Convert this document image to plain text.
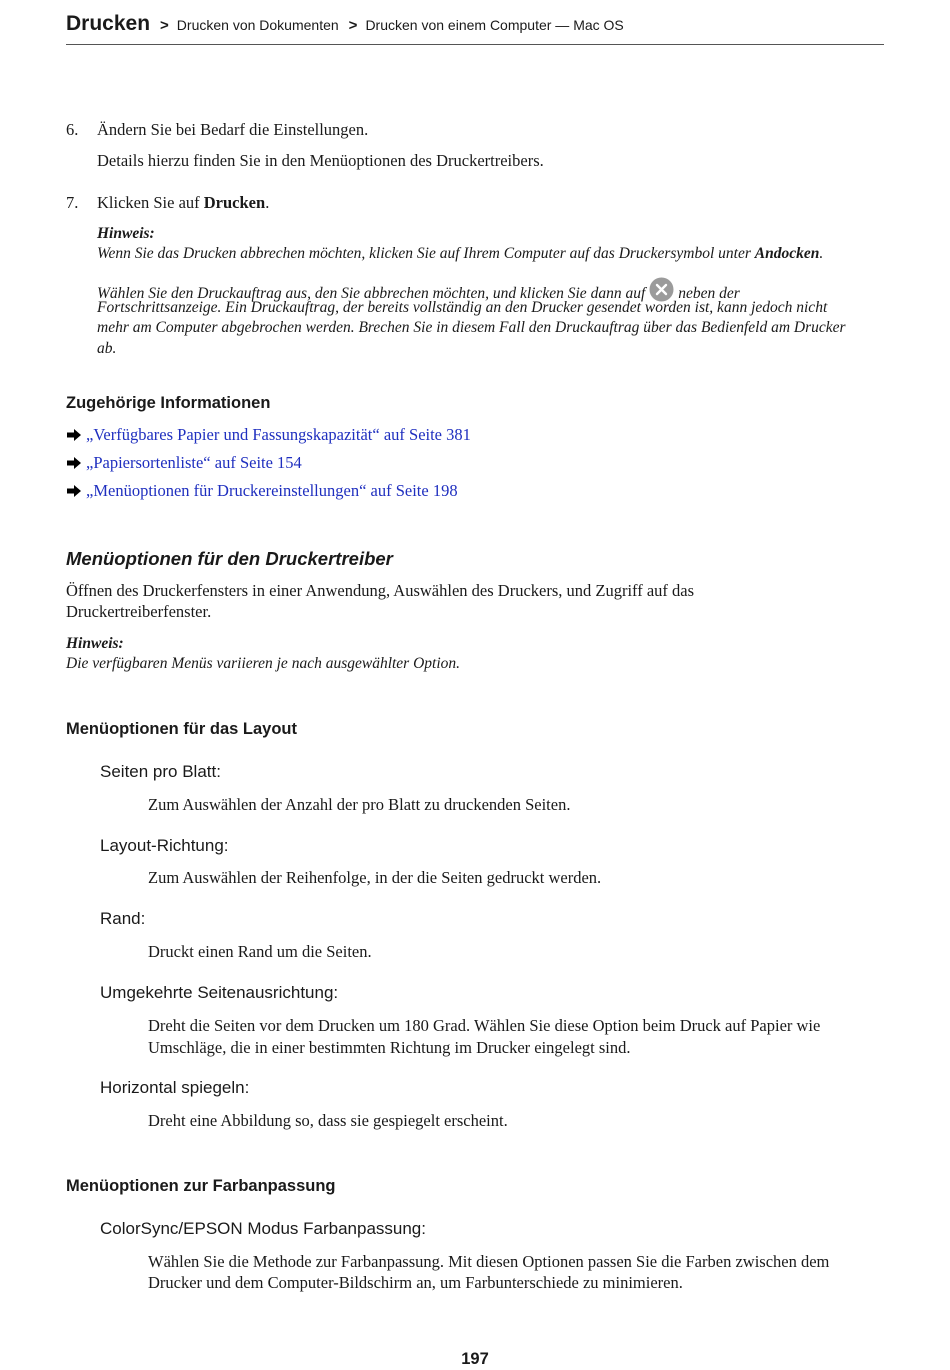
Drucken > Drucken von Dokumenten > Drucken von einem Computer — Mac OS
6. Ändern Sie bei Bedarf die Einstellungen.
Details hierzu finden Sie in den Menüoptionen des Druckertreibers.
7. Klicken Sie auf Drucken.
Hinweis:
Wenn Sie das Drucken abbrechen möchten, klicken Sie auf Ihrem Computer auf das Druckersymbol unter Andocken.
Wählen Sie den Druckauftrag aus, den Sie abbrechen möchten, und klicken Sie dann auf neben der
Fortschrittsanzeige. Ein Druckauftrag, der bereits vollständig an den Drucker gesendet worden ist, kann jedoch nicht
mehr am Computer abgebrochen werden. Brechen Sie in diesem Fall den Druckauftrag über das Bedienfeld am Drucker
ab.
Zugehörige Informationen
„Verfügbares Papier und Fassungskapazität“ auf Seite 381
„Papiersortenliste“ auf Seite 154
„Menüoptionen für Druckereinstellungen“ auf Seite 198
Menüoptionen für den Druckertreiber
Öffnen des Druckerfensters in einer Anwendung, Auswählen des Druckers, und Zugriff auf das
Druckertreiberfenster.
Hinweis:
Die verfügbaren Menüs variieren je nach ausgewählter Option.
Menüoptionen für das Layout
Seiten pro Blatt:
Zum Auswählen der Anzahl der pro Blatt zu druckenden Seiten.
Layout-Richtung:
Zum Auswählen der Reihenfolge, in der die Seiten gedruckt werden.
Rand:
Druckt einen Rand um die Seiten.
Umgekehrte Seitenausrichtung:
Dreht die Seiten vor dem Drucken um 180 Grad. Wählen Sie diese Option beim Druck auf Papier wie
Umschläge, die in einer bestimmten Richtung im Drucker eingelegt sind.
Horizontal spiegeln:
Dreht eine Abbildung so, dass sie gespiegelt erscheint.
Menüoptionen zur Farbanpassung
ColorSync/EPSON Modus Farbanpassung:
Wählen Sie die Methode zur Farbanpassung. Mit diesen Optionen passen Sie die Farben zwischen dem
Drucker und dem Computer-Bildschirm an, um Farbunterschiede zu minimieren.
197
